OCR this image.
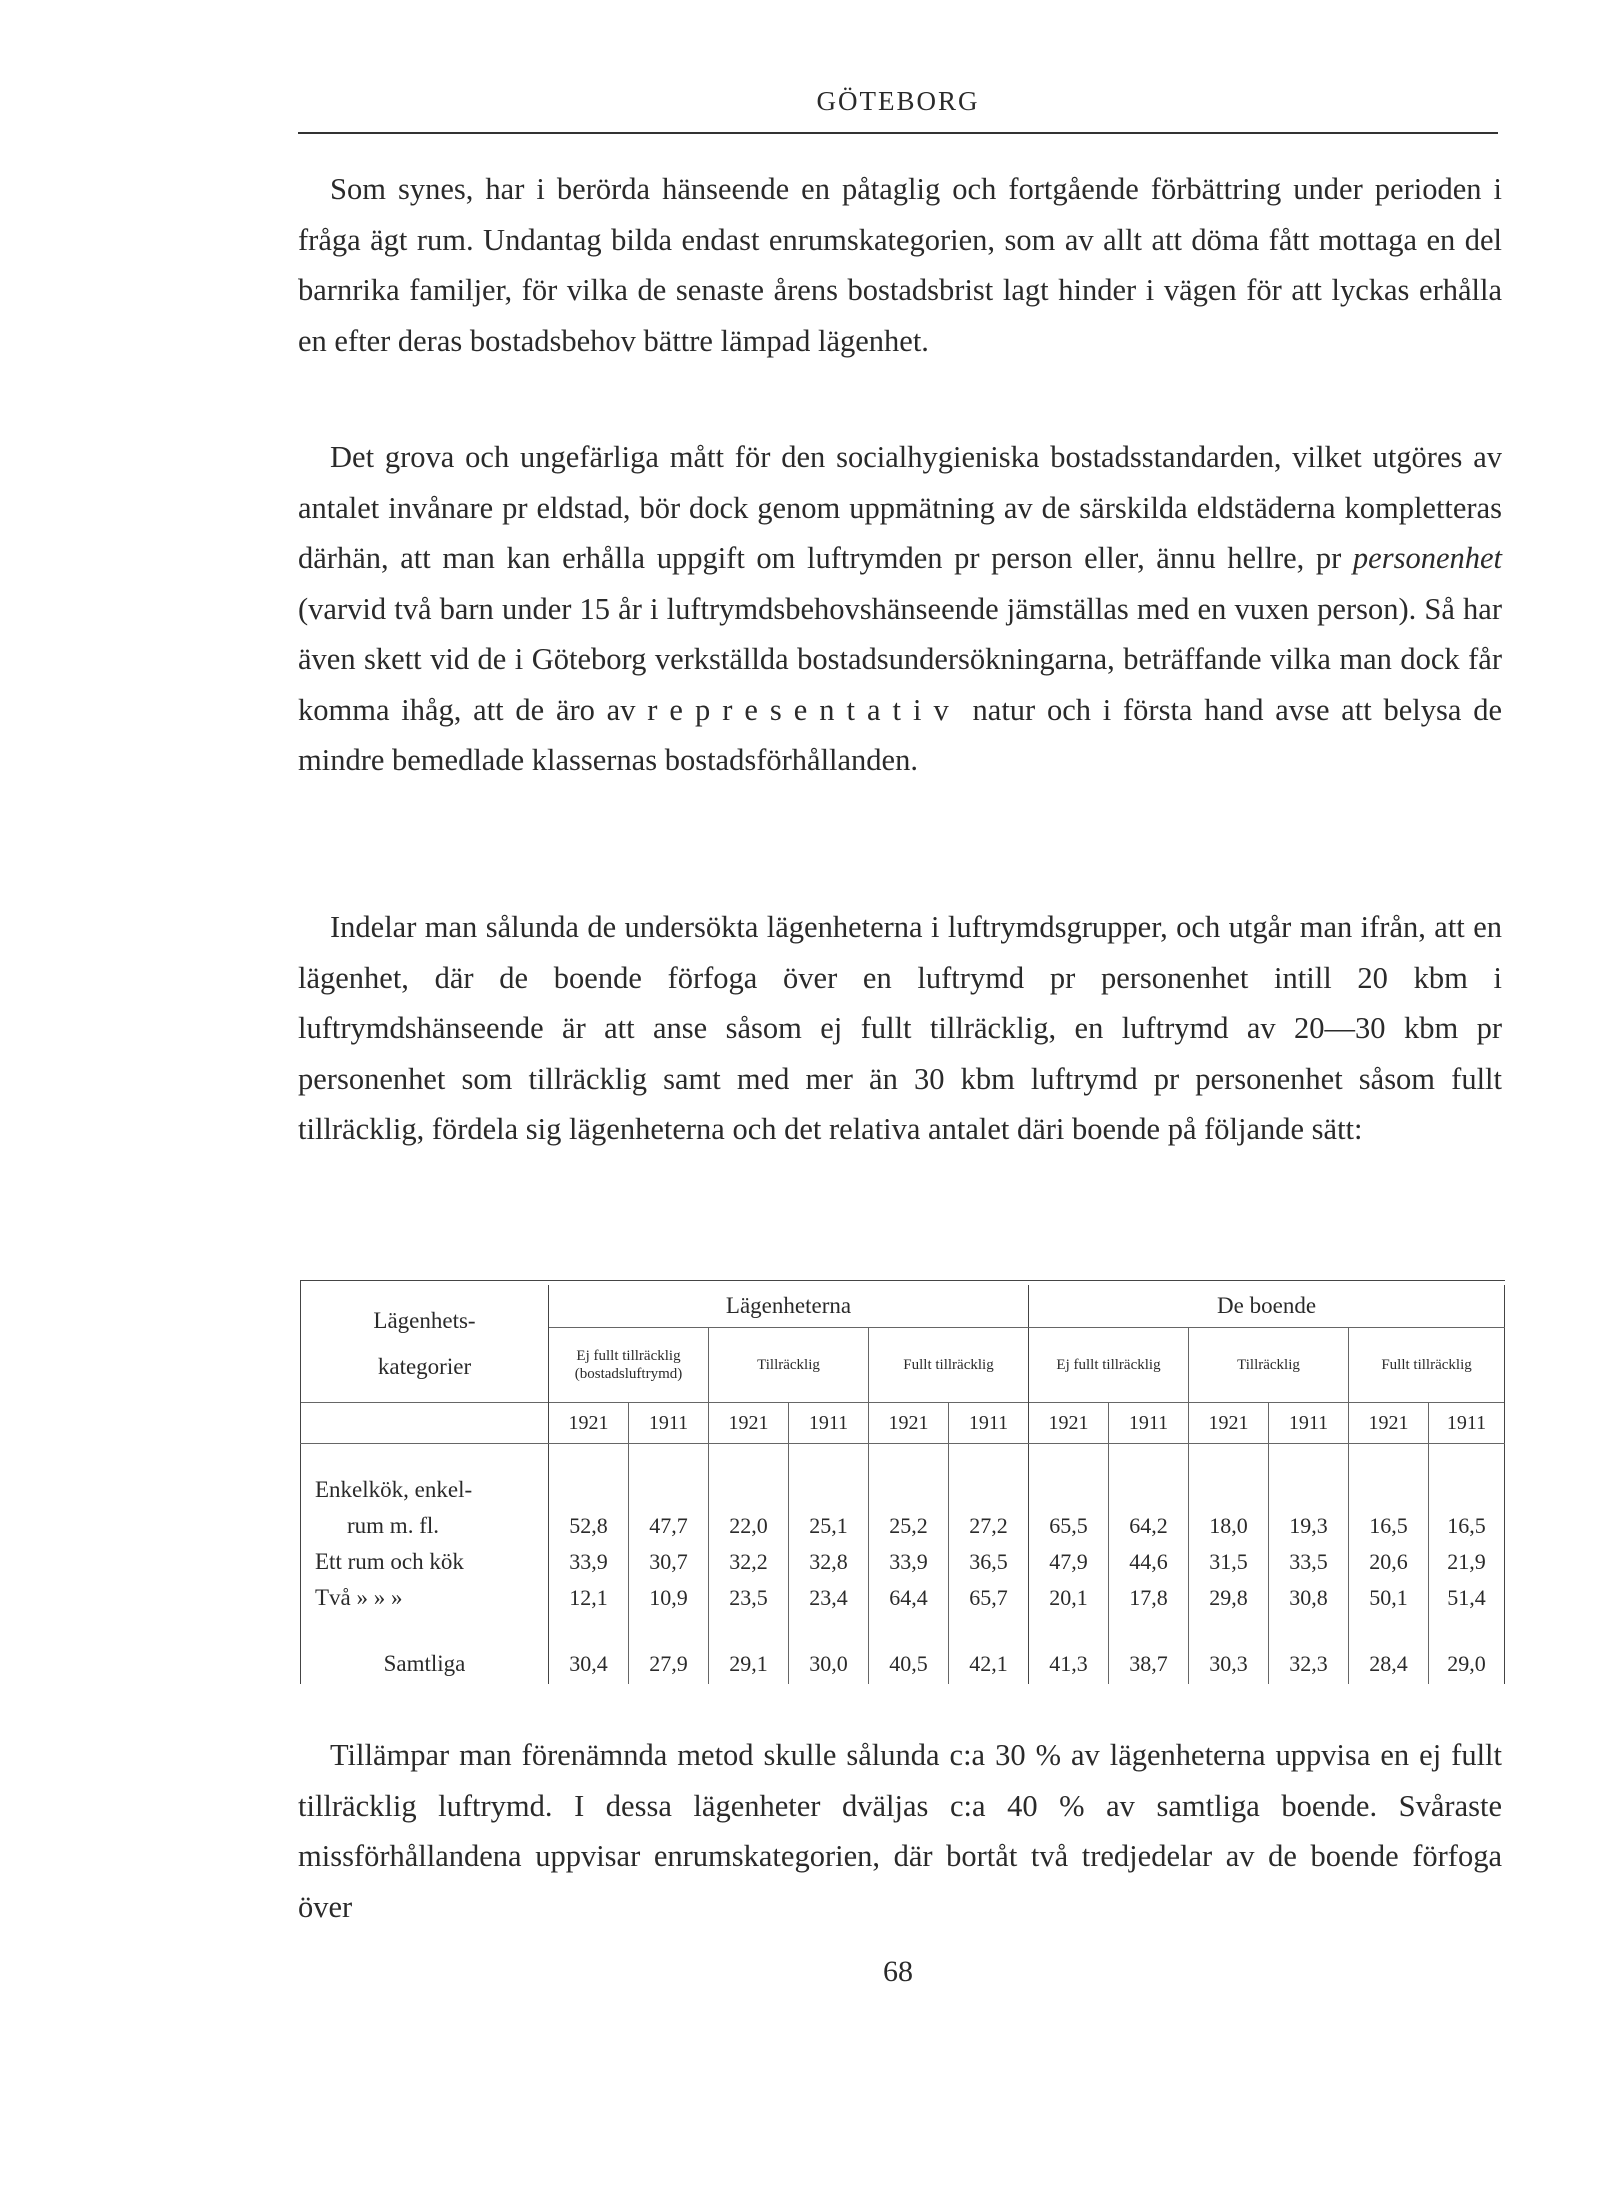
GÖTEBORG

Som synes, har i berörda hänseende en påtaglig och fortgående förbättring under perioden i fråga ägt rum. Undantag bilda endast enrumskategorien, som av allt att döma fått mottaga en del barnrika familjer, för vilka de senaste årens bostadsbrist lagt hinder i vägen för att lyckas erhålla en efter deras bostadsbehov bättre lämpad lägenhet.

Det grova och ungefärliga mått för den socialhygieniska bostadsstandarden, vilket utgöres av antalet invånare pr eldstad, bör dock genom uppmätning av de särskilda eldstäderna kompletteras därhän, att man kan erhålla uppgift om luftrymden pr person eller, ännu hellre, pr personenhet (varvid två barn under 15 år i luftrymdsbehovshänseende jämställas med en vuxen person). Så har även skett vid de i Göteborg verkställda bostadsundersökningarna, beträffande vilka man dock får komma ihåg, att de äro av representativ natur och i första hand avse att belysa de mindre bemedlade klassernas bostadsförhållanden.

Indelar man sålunda de undersökta lägenheterna i luftrymdsgrupper, och utgår man ifrån, att en lägenhet, där de boende förfoga över en luftrymd pr personenhet intill 20 kbm i luftrymdshänseende är att anse såsom ej fullt tillräcklig, en luftrymd av 20—30 kbm pr personenhet som tillräcklig samt med mer än 30 kbm luftrymd pr personenhet såsom fullt tillräcklig, fördela sig lägenheterna och det relativa antalet däri boende på följande sätt:

Lägenhets-
kategorier	Lägenheterna						De boende					
	Ej fullt tillräcklig (bostadsluftrymd)		Tillräcklig		Fullt tillräcklig		Ej fullt tillräcklig		Tillräcklig		Fullt tillräcklig	
	1921	1911	1921	1911	1921	1911	1921	1911	1921	1911	1921	1911

Enkelkök, enkel-												
rum m. fl.	52,8	47,7	22,0	25,1	25,2	27,2	65,5	64,2	18,0	19,3	16,5	16,5
Ett rum och kök	33,9	30,7	32,2	32,8	33,9	36,5	47,9	44,6	31,5	33,5	20,6	21,9
Två » » »	12,1	10,9	23,5	23,4	64,4	65,7	20,1	17,8	29,8	30,8	50,1	51,4

Samtliga	30,4	27,9	29,1	30,0	40,5	42,1	41,3	38,7	30,3	32,3	28,4	29,0

Tillämpar man förenämnda metod skulle sålunda c:a 30 % av lägenheterna uppvisa en ej fullt tillräcklig luftrymd. I dessa lägenheter dväljas c:a 40 % av samtliga boende. Svåraste missförhållandena uppvisar enrumskategorien, där bortåt två tredjedelar av de boende förfoga över

68
